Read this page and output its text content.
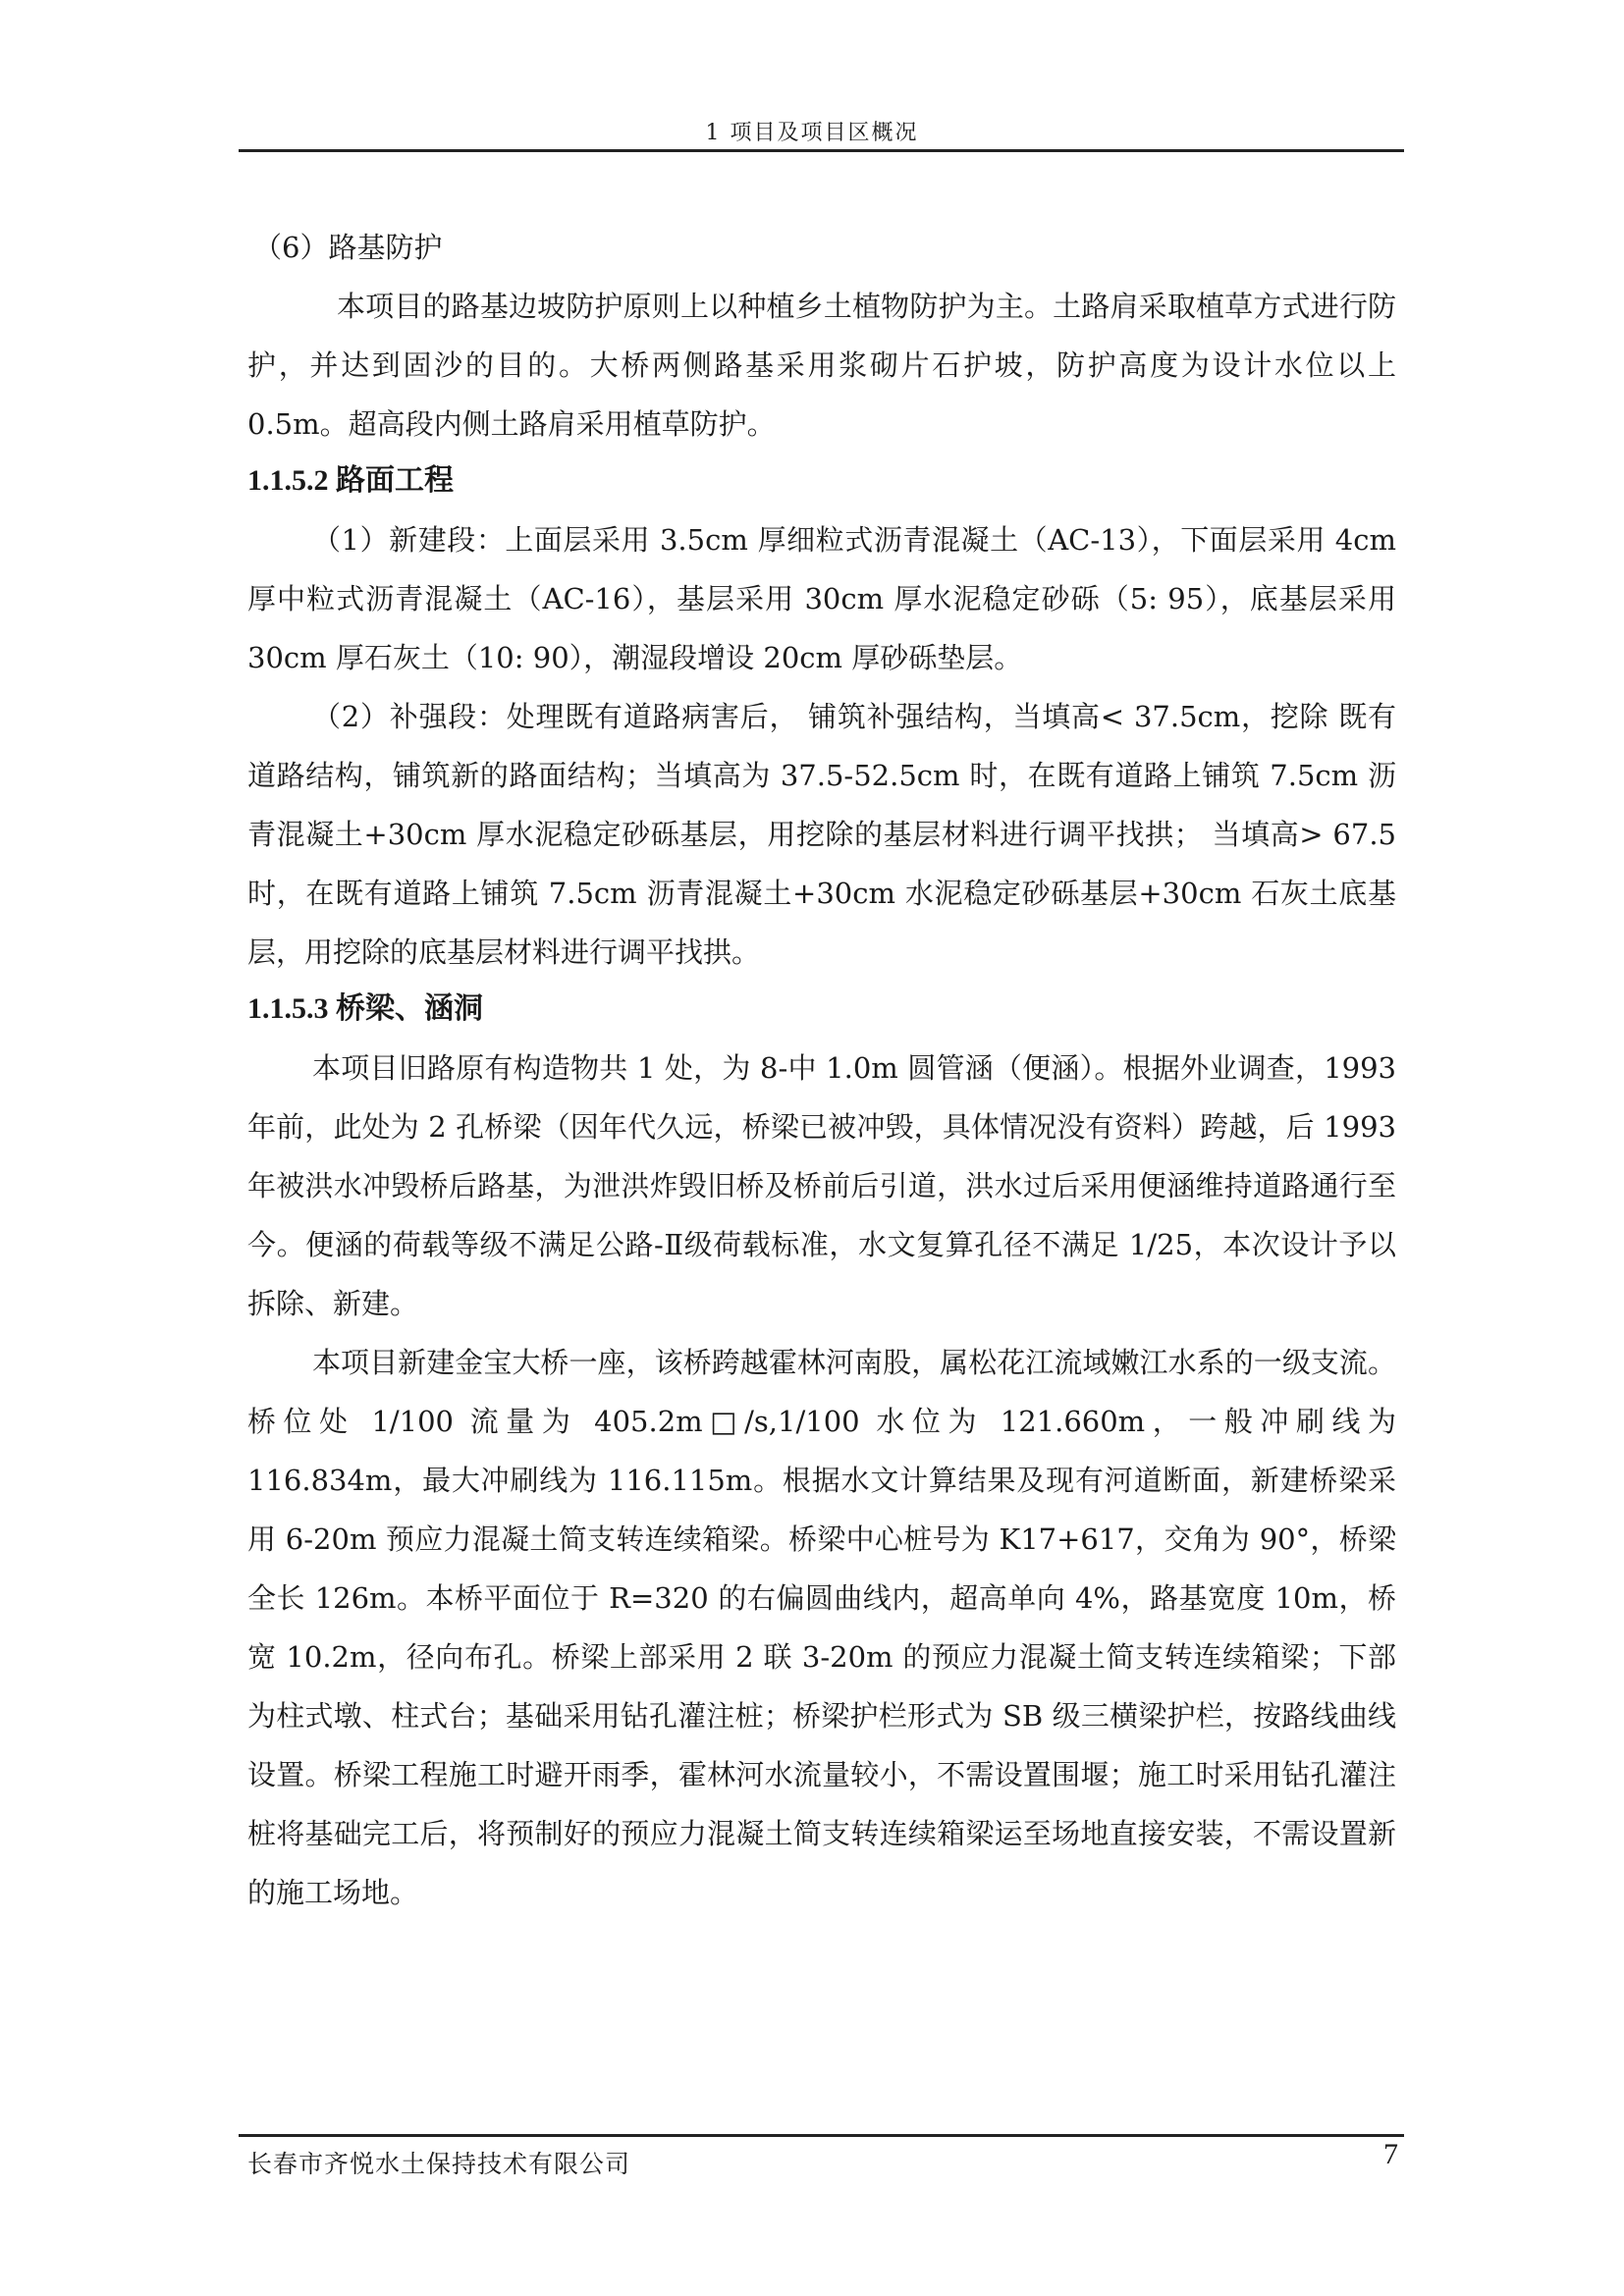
1 项目及项目区概况

（6）路基防护

本项目的路基边坡防护原则上以种植乡土植物防护为主。土路肩采取植草方式进行防护，并达到固沙的目的。大桥两侧路基采用浆砌片石护坡，防护高度为设计水位以上 0.5m。超高段内侧土路肩采用植草防护。

1.1.5.2 路面工程

（1）新建段：上面层采用 3.5cm 厚细粒式沥青混凝土（AC-13），下面层采用 4cm 厚中粒式沥青混凝土（AC-16），基层采用 30cm 厚水泥稳定砂砾（5: 95），底基层采用 30cm 厚石灰土（10: 90），潮湿段增设 20cm 厚砂砾垫层。

（2）补强段：处理既有道路病害后， 铺筑补强结构，当填高< 37.5cm，挖除 既有道路结构，铺筑新的路面结构；当填高为 37.5-52.5cm 时，在既有道路上铺筑 7.5cm 沥青混凝土+30cm 厚水泥稳定砂砾基层，用挖除的基层材料进行调平找拱； 当填高> 67.5 时，在既有道路上铺筑 7.5cm 沥青混凝土+30cm 水泥稳定砂砾基层+30cm 石灰土底基层，用挖除的底基层材料进行调平找拱。

1.1.5.3 桥梁、涵洞

本项目旧路原有构造物共 1 处，为 8-中 1.0m 圆管涵（便涵）。根据外业调查，1993 年前，此处为 2 孔桥梁（因年代久远，桥梁已被冲毁，具体情况没有资料）跨越，后 1993 年被洪水冲毁桥后路基，为泄洪炸毁旧桥及桥前后引道，洪水过后采用便涵维持道路通行至今。便涵的荷载等级不满足公路-Ⅱ级荷载标准，水文复算孔径不满足 1/25，本次设计予以拆除、新建。

本项目新建金宝大桥一座，该桥跨越霍林河南股，属松花江流域嫩江水系的一级支流。桥位处 1/100 流量为 405.2m□/s,1/100 水位为 121.660m，一般冲刷线为 116.834m，最大冲刷线为 116.115m。根据水文计算结果及现有河道断面，新建桥梁采用 6-20m 预应力混凝土简支转连续箱梁。桥梁中心桩号为 K17+617，交角为 90°，桥梁全长 126m。本桥平面位于 R=320 的右偏圆曲线内，超高单向 4%，路基宽度 10m，桥宽 10.2m，径向布孔。桥梁上部采用 2 联 3-20m 的预应力混凝土简支转连续箱梁；下部为柱式墩、柱式台；基础采用钻孔灌注桩；桥梁护栏形式为 SB 级三横梁护栏，按路线曲线设置。桥梁工程施工时避开雨季，霍林河水流量较小，不需设置围堰；施工时采用钻孔灌注桩将基础完工后，将预制好的预应力混凝土简支转连续箱梁运至场地直接安装，不需设置新的施工场地。

长春市齐悦水土保持技术有限公司	7
